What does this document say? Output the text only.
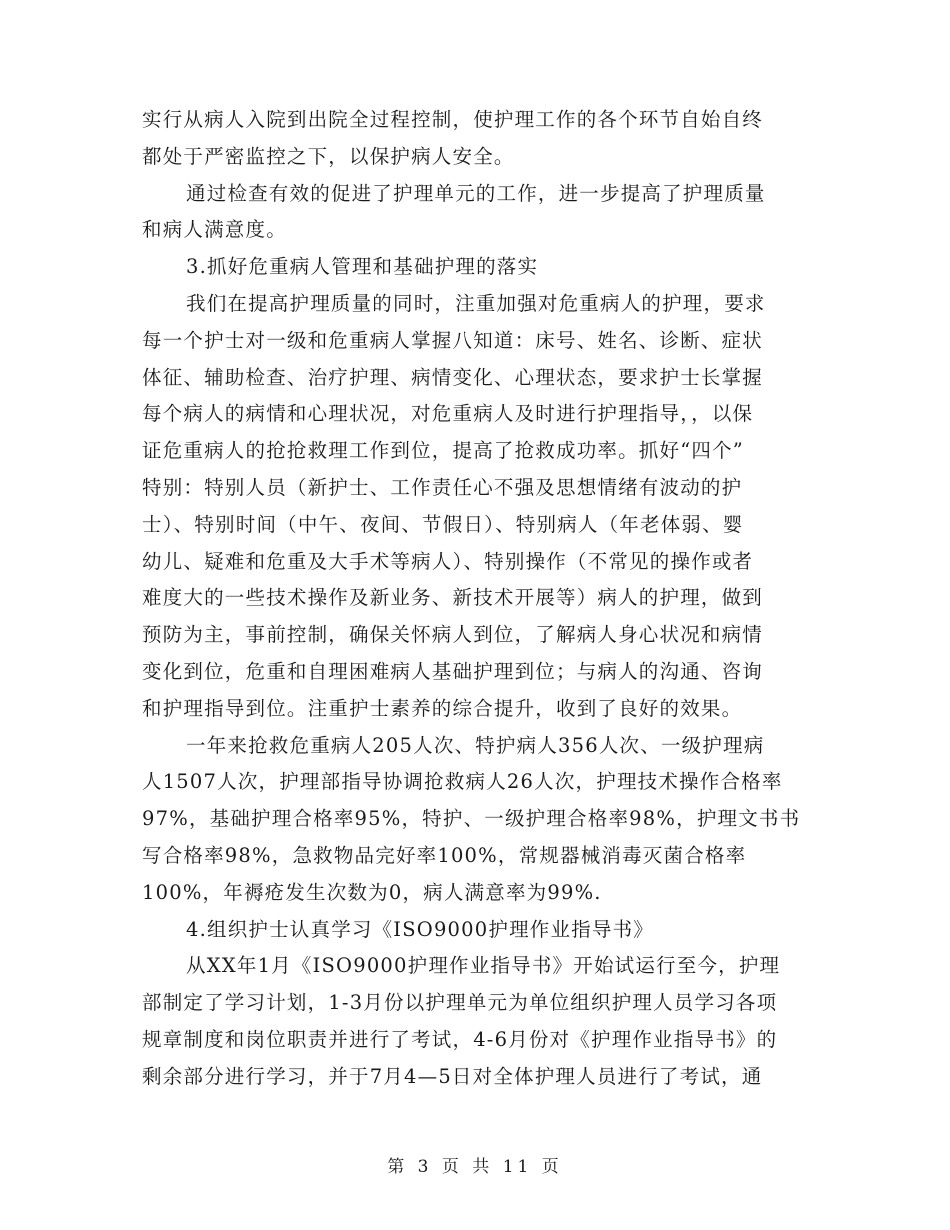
实行从病人入院到出院全过程控制，使护理工作的各个环节自始自终
都处于严密监控之下，以保护病人安全。
通过检查有效的促进了护理单元的工作，进一步提高了护理质量
和病人满意度。
3.抓好危重病人管理和基础护理的落实
我们在提高护理质量的同时，注重加强对危重病人的护理，要求
每一个护士对一级和危重病人掌握八知道：床号、姓名、诊断、症状
体征、辅助检查、治疗护理、病情变化、心理状态，要求护士长掌握
每个病人的病情和心理状况，对危重病人及时进行护理指导，，以保
证危重病人的抢抢救理工作到位，提高了抢救成功率。抓好“四个”
特别：特别人员（新护士、工作责任心不强及思想情绪有波动的护
士）、特别时间（中午、夜间、节假日）、特别病人（年老体弱、婴
幼儿、疑难和危重及大手术等病人）、特别操作（不常见的操作或者
难度大的一些技术操作及新业务、新技术开展等）病人的护理，做到
预防为主，事前控制，确保关怀病人到位，了解病人身心状况和病情
变化到位，危重和自理困难病人基础护理到位；与病人的沟通、咨询
和护理指导到位。注重护士素养的综合提升，收到了良好的效果。
一年来抢救危重病人205人次、特护病人356人次、一级护理病
人1507人次，护理部指导协调抢救病人26人次，护理技术操作合格率
97%，基础护理合格率95%，特护、一级护理合格率98%，护理文书书
写合格率98%，急救物品完好率100%，常规器械消毒灭菌合格率
100%，年褥疮发生次数为0，病人满意率为99%.
4.组织护士认真学习《ISO9000护理作业指导书》
从XX年1月《ISO9000护理作业指导书》开始试运行至今，护理
部制定了学习计划，1-3月份以护理单元为单位组织护理人员学习各项
规章制度和岗位职责并进行了考试，4-6月份对《护理作业指导书》的
剩余部分进行学习，并于7月4—5日对全体护理人员进行了考试，通
第 3 页 共 11 页
